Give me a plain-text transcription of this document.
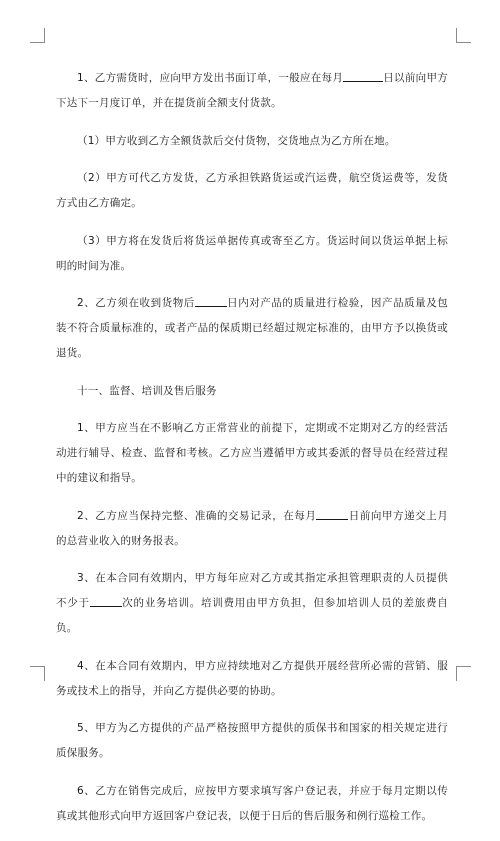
1、乙方需货时，应向甲方发出书面订单，一般应在每月	日以前向甲方下达下一月度订单，并在提货前全额支付货款。

（1）甲方收到乙方全额货款后交付货物，交货地点为乙方所在地。

（2）甲方可代乙方发货，乙方承担铁路货运或汽运费，航空货运费等，发货方式由乙方确定。

（3）甲方将在发货后将货运单据传真或寄至乙方。货运时间以货运单据上标明的时间为准。

2、乙方须在收到货物后	日内对产品的质量进行检验，因产品质量及包装不符合质量标准的，或者产品的保质期已经超过规定标准的，由甲方予以换货或退货。

十一、监督、培训及售后服务

1、甲方应当在不影响乙方正常营业的前提下，定期或不定期对乙方的经营活动进行辅导、检查、监督和考核。乙方应当遵循甲方或其委派的督导员在经营过程中的建议和指导。

2、乙方应当保持完整、准确的交易记录，在每月	日前向甲方递交上月的总营业收入的财务报表。

3、在本合同有效期内，甲方每年应对乙方或其指定承担管理职责的人员提供不少于	次的业务培训。培训费用由甲方负担，但参加培训人员的差旅费自负。

4、在本合同有效期内，甲方应持续地对乙方提供开展经营所必需的营销、服务或技术上的指导，并向乙方提供必要的协助。

5、甲方为乙方提供的产品严格按照甲方提供的质保书和国家的相关规定进行质保服务。

6、乙方在销售完成后，应按甲方要求填写客户登记表，并应于每月定期以传真或其他形式向甲方返回客户登记表，以便于日后的售后服务和例行巡检工作。
